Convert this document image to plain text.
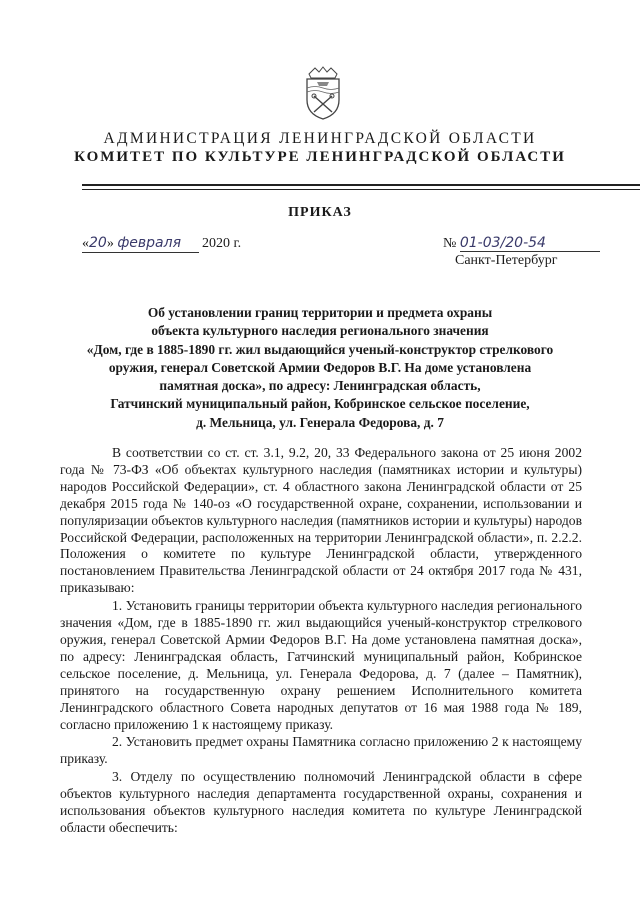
АДМИНИСТРАЦИЯ ЛЕНИНГРАДСКОЙ ОБЛАСТИ
КОМИТЕТ ПО КУЛЬТУРЕ ЛЕНИНГРАДСКОЙ ОБЛАСТИ
ПРИКАЗ
«20» февраля 2020 г.	№ 01-03/20-54
Санкт-Петербург
Об установлении границ территории и предмета охраны
объекта культурного наследия регионального значения
«Дом, где в 1885-1890 гг. жил выдающийся ученый-конструктор стрелкового
оружия, генерал Советской Армии Федоров В.Г. На доме установлена
памятная доска», по адресу: Ленинградская область,
Гатчинский муниципальный район, Кобринское сельское поселение,
д. Мельница, ул. Генерала Федорова, д. 7

В соответствии со ст. ст. 3.1, 9.2, 20, 33 Федерального закона от 25 июня 2002 года № 73-ФЗ «Об объектах культурного наследия (памятниках истории и культуры) народов Российской Федерации», ст. 4 областного закона Ленинградской области от 25 декабря 2015 года № 140-оз «О государственной охране, сохранении, использовании и популяризации объектов культурного наследия (памятников истории и культуры) народов Российской Федерации, расположенных на территории Ленинградской области», п. 2.2.2. Положения о комитете по культуре Ленинградской области, утвержденного постановлением Правительства Ленинградской области от 24 октября 2017 года № 431, приказываю:

1. Установить границы территории объекта культурного наследия регионального значения «Дом, где в 1885-1890 гг. жил выдающийся ученый-конструктор стрелкового оружия, генерал Советской Армии Федоров В.Г. На доме установлена памятная доска», по адресу: Ленинградская область, Гатчинский муниципальный район, Кобринское сельское поселение, д. Мельница, ул. Генерала Федорова, д. 7 (далее – Памятник), принятого на государственную охрану решением Исполнительного комитета Ленинградского областного Совета народных депутатов от 16 мая 1988 года № 189, согласно приложению 1 к настоящему приказу.

2. Установить предмет охраны Памятника согласно приложению 2 к настоящему приказу.

3. Отделу по осуществлению полномочий Ленинградской области в сфере объектов культурного наследия департамента государственной охраны, сохранения и использования объектов культурного наследия комитета по культуре Ленинградской области обеспечить:
